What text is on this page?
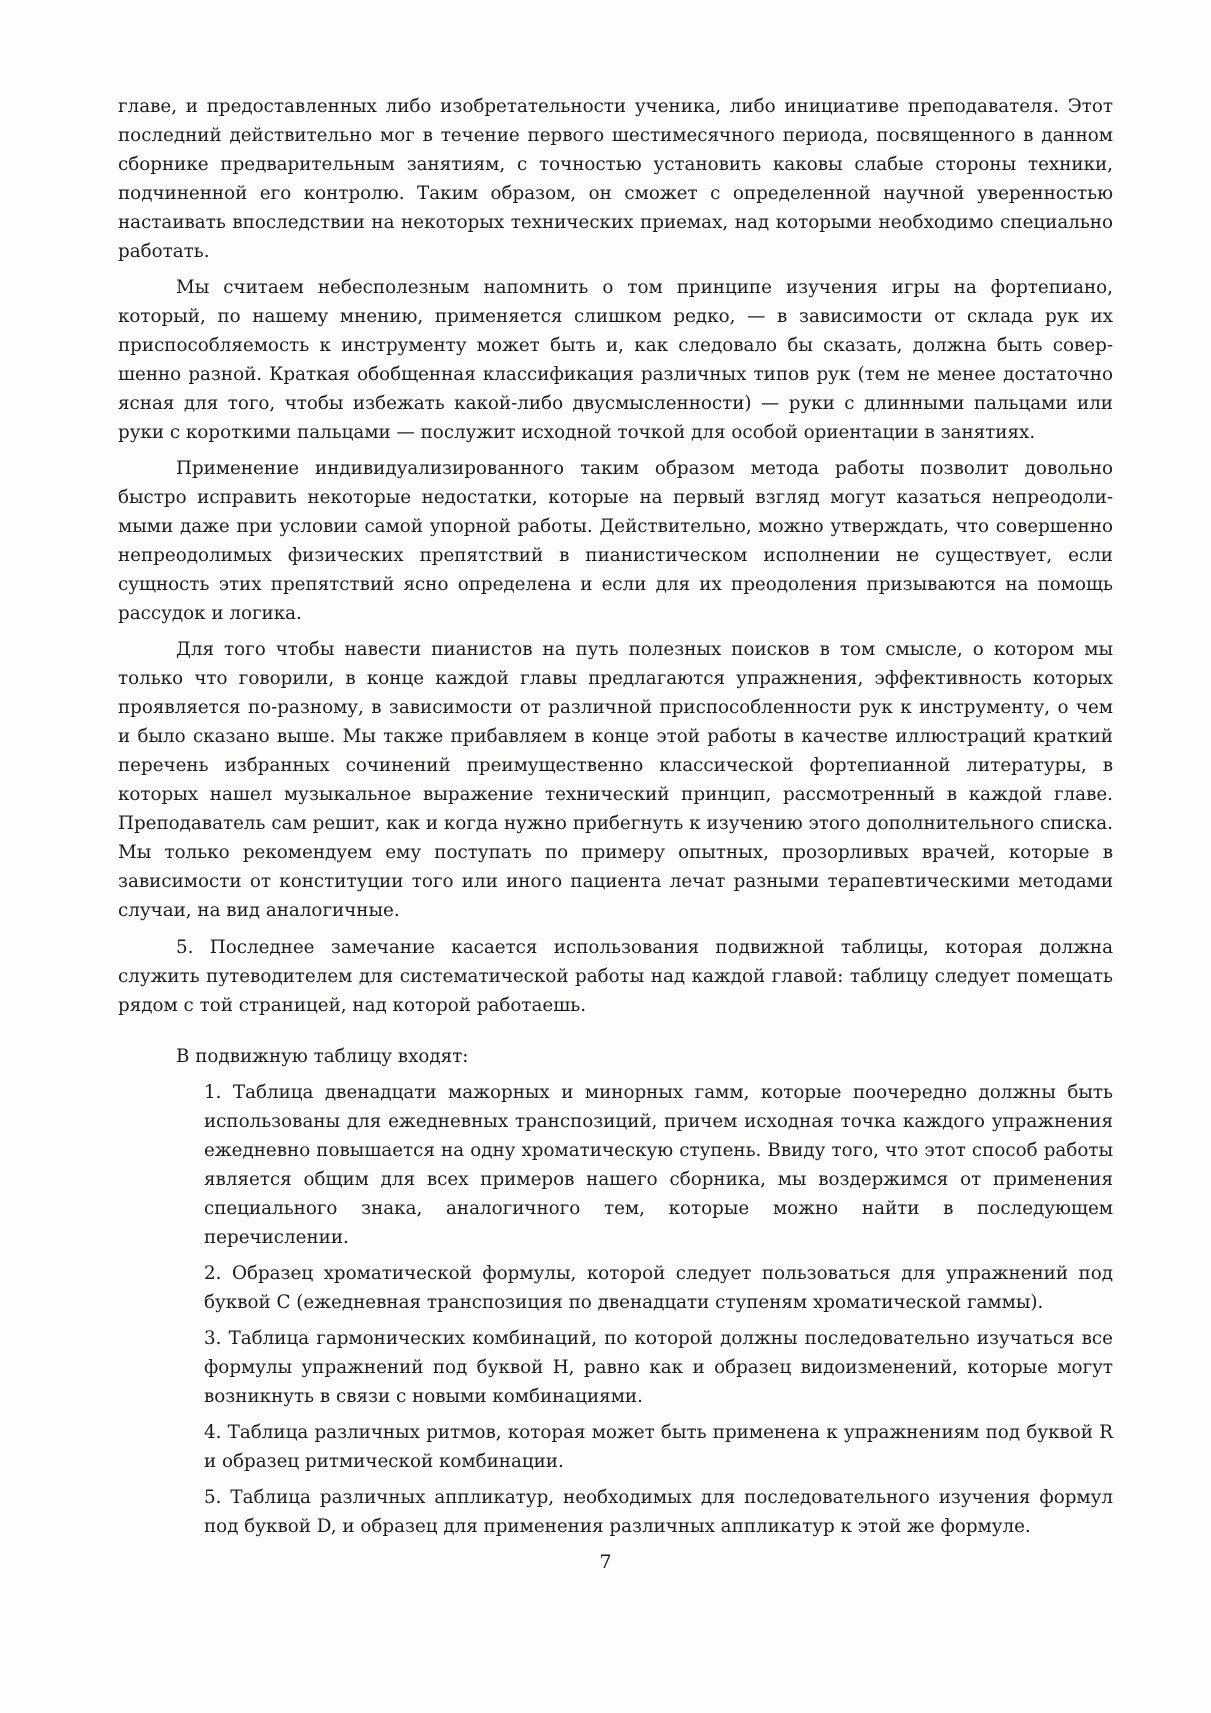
главе, и предоставленных либо изобретательности ученика, либо инициативе преподавателя. Этот последний действительно мог в течение первого шестимесячного периода, посвященного в данном сборнике предварительным занятиям, с точностью установить каковы слабые стороны техники, подчиненной его контролю. Таким образом, он сможет с определенной научной уверенностью настаивать впоследствии на некоторых технических приемах, над которыми необходимо специально работать.

Мы считаем небесполезным напомнить о том принципе изучения игры на фортепиано, который, по нашему мнению, применяется слишком редко, — в зависимости от склада рук их приспособляемость к инструменту может быть и, как следовало бы сказать, должна быть совершенно разной. Краткая обобщенная классификация различных типов рук (тем не менее достаточно ясная для того, чтобы избежать какой-либо двусмысленности) — руки с длинными пальцами или руки с короткими пальцами — послужит исходной точкой для особой ориентации в занятиях.

Применение индивидуализированного таким образом метода работы позволит довольно быстро исправить некоторые недостатки, которые на первый взгляд могут казаться непреодолимыми даже при условии самой упорной работы. Действительно, можно утверждать, что совершенно непреодолимых физических препятствий в пианистическом исполнении не существует, если сущность этих препятствий ясно определена и если для их преодоления призываются на помощь рассудок и логика.

Для того чтобы навести пианистов на путь полезных поисков в том смысле, о котором мы только что говорили, в конце каждой главы предлагаются упражнения, эффективность которых проявляется по-разному, в зависимости от различной приспособленности рук к инструменту, о чем и было сказано выше. Мы также прибавляем в конце этой работы в качестве иллюстраций краткий перечень избранных сочинений преимущественно классической фортепианной литературы, в которых нашел музыкальное выражение технический принцип, рассмотренный в каждой главе. Преподаватель сам решит, как и когда нужно прибегнуть к изучению этого дополнительного списка. Мы только рекомендуем ему поступать по примеру опытных, прозорливых врачей, которые в зависимости от конституции того или иного пациента лечат разными терапевтическими методами случаи, на вид аналогичные.

5. Последнее замечание касается использования подвижной таблицы, которая должна служить путеводителем для систематической работы над каждой главой: таблицу следует помещать рядом с той страницей, над которой работаешь.

В подвижную таблицу входят:

1. Таблица двенадцати мажорных и минорных гамм, которые поочередно должны быть использованы для ежедневных транспозиций, причем исходная точка каждого упражнения ежедневно повышается на одну хроматическую ступень. Ввиду того, что этот способ работы является общим для всех примеров нашего сборника, мы воздержимся от применения специального знака, аналогичного тем, которые можно найти в последующем перечислении.
2. Образец хроматической формулы, которой следует пользоваться для упражнений под буквой С (ежедневная транспозиция по двенадцати ступеням хроматической гаммы).
3. Таблица гармонических комбинаций, по которой должны последовательно изучаться все формулы упражнений под буквой Н, равно как и образец видоизменений, которые могут возникнуть в связи с новыми комбинациями.
4. Таблица различных ритмов, которая может быть применена к упражнениям под буквой R и образец ритмической комбинации.
5. Таблица различных аппликатур, необходимых для последовательного изучения формул под буквой D, и образец для применения различных аппликатур к этой же формуле.
7
